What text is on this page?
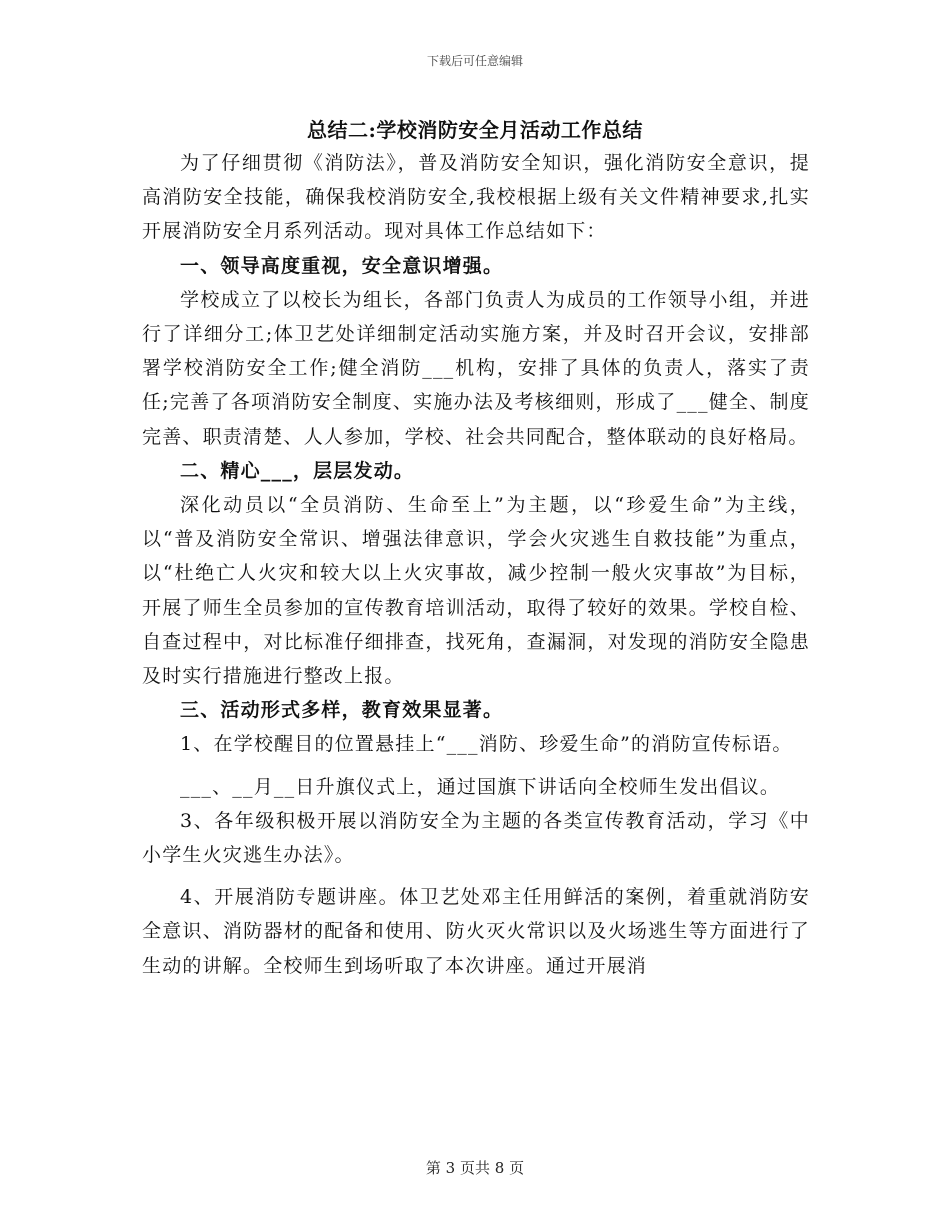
下载后可任意编辑
总结二:学校消防安全月活动工作总结

为了仔细贯彻《消防法》，普及消防安全知识，强化消防安全意识，提高消防安全技能，确保我校消防安全,我校根据上级有关文件精神要求,扎实开展消防安全月系列活动。现对具体工作总结如下：

一、领导高度重视，安全意识增强。

学校成立了以校长为组长，各部门负责人为成员的工作领导小组，并进行了详细分工;体卫艺处详细制定活动实施方案，并及时召开会议，安排部署学校消防安全工作;健全消防___机构，安排了具体的负责人，落实了责任;完善了各项消防安全制度、实施办法及考核细则，形成了___健全、制度完善、职责清楚、人人参加，学校、社会共同配合，整体联动的良好格局。

二、精心___，层层发动。

深化动员以“全员消防、生命至上”为主题，以“珍爱生命”为主线，以“普及消防安全常识、增强法律意识，学会火灾逃生自救技能”为重点，以“杜绝亡人火灾和较大以上火灾事故，减少控制一般火灾事故”为目标，开展了师生全员参加的宣传教育培训活动，取得了较好的效果。学校自检、自查过程中，对比标准仔细排查，找死角，查漏洞，对发现的消防安全隐患及时实行措施进行整改上报。

三、活动形式多样，教育效果显著。

1、在学校醒目的位置悬挂上“___消防、珍爱生命”的消防宣传标语。

___、__月__日升旗仪式上，通过国旗下讲话向全校师生发出倡议。

3、各年级积极开展以消防安全为主题的各类宣传教育活动，学习《中小学生火灾逃生办法》。

4、开展消防专题讲座。体卫艺处邓主任用鲜活的案例，着重就消防安全意识、消防器材的配备和使用、防火灭火常识以及火场逃生等方面进行了生动的讲解。全校师生到场听取了本次讲座。通过开展消

第 3 页共 8 页
